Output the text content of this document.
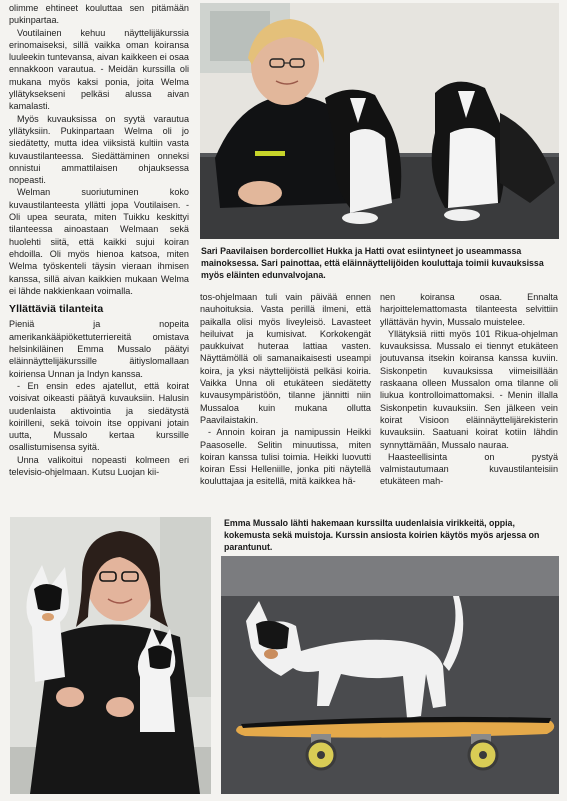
olimme ehtineet kouluttaa sen pitämään pukinpartaa.

Voutilainen kehuu näyttelijäkurssia erinomaiseksi, sillä vaikka oman koiransa luuleekin tuntevansa, aivan kaikkeen ei osaa ennakkoon varautua. - Meidän kurssilla oli mukana myös kaksi ponia, joita Welma yllätyksekseni pelkäsi alussa aivan kamalasti.

Myös kuvauksissa on syytä varautua yllätyksiin. Pukinpartaan Welma oli jo siedätetty, mutta idea viiksistä kultiin vasta kuvaustilanteessa. Siedättäminen onneksi onnistui ammattilaisen ohjauksessa nopeasti.

Welman suoriutuminen koko kuvaustilanteesta yllätti jopa Voutilaisen. - Oli upea seurata, miten Tuikku keskittyi tilanteessa ainoastaan Welmaan sekä huolehti siitä, että kaikki sujui koiran ehdoilla. Oli myös hienoa katsoa, miten Welma työskenteli täysin vieraan ihmisen kanssa, sillä aivan kaikkien mukaan Welma ei lähde nakkienkaan voimalla.

Yllättäviä tilanteita

Pieniä ja nopeita amerikankääpiökettuterriereitä omistava helsinkiläinen Emma Mussalo päätyi eläinnäyttelijäkurssille äitiyslomallaan koiriensa Unnan ja Indyn kanssa.

- En ensin edes ajatellut, että koirat voisivat oikeasti päätyä kuvauksiin. Halusin uudenlaista aktivointia ja siedätystä koirilleni, sekä toivoin itse oppivani jotain uutta, Mussalo kertaa kurssille osallistumisensa syitä.

Unna valikoitui nopeasti kolmeen eri televisio-ohjelmaan. Kutsu Luojan kii-

Sari Paavilaisen bordercolliet Hukka ja Hatti ovat esiintyneet jo useammassa mainoksessa. Sari painottaa, että eläinnäyttelijöiden kouluttaja toimii kuvauksissa myös eläinten edunvalvojana.

tos-ohjelmaan tuli vain päivää ennen nauhoituksia. Vasta perillä ilmeni, että paikalla olisi myös liveyleisö. Lavasteet heiluivat ja kumisivat. Korkokengät paukkuivat huteraa lattiaa vasten. Näyttämöllä oli samanaikaisesti useampi koira, ja yksi näyttelijöistä pelkäsi koiria. Vaikka Unna oli etukäteen siedätetty kuvausympäristöön, tilanne jännitti niin Mussaloa kuin mukana ollutta Paavilaistakin.

- Annoin koiran ja namipussin Heikki Paasoselle. Selitin minuutissa, miten koiran kanssa tulisi toimia. Heikki luovutti koiran Essi Helleniille, jonka piti näytellä kouluttajaa ja esitellä, mitä kaikkea hä-

nen koiransa osaa. Ennalta harjoittelemattomasta tilanteesta selvittiin yllättävän hyvin, Mussalo muistelee.

Yllätyksiä riitti myös 101 Rikua-ohjelman kuvauksissa. Mussalo ei tiennyt etukäteen joutuvansa itsekin koiransa kanssa kuviin. Siskonpetin kuvauksissa viimeisillään raskaana olleen Mussalon oma tilanne oli liukua kontrolloimattomaksi. - Menin illalla Siskonpetin kuvauksiin. Sen jälkeen vein koirat Visioon eläinnäyttelijärekisterin kuvauksiin. Saatuani koirat kotiin lähdin synnyttämään, Mussalo nauraa.

Haasteellisinta on pystyä valmistautumaan kuvaustilanteisiin etukäteen mah-

Emma Mussalo lähti hakemaan kurssilta uudenlaisia virikkeitä, oppia, kokemusta sekä muistoja. Kurssin ansiosta koirien käytös myös arjessa on parantunut.
